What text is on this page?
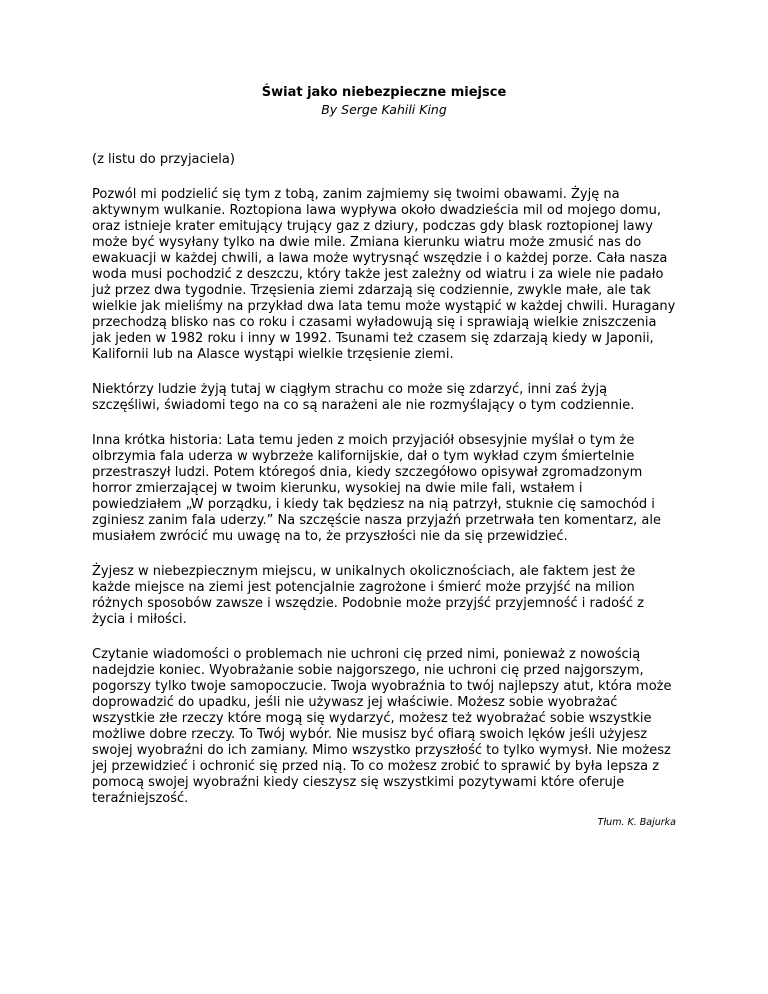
Świat jako niebezpieczne miejsce

By Serge Kahili King

(z listu do przyjaciela)

Pozwól mi podzielić się tym z tobą, zanim zajmiemy się twoimi obawami. Żyję na aktywnym wulkanie. Roztopiona lawa wypływa około dwadzieścia mil od mojego domu, oraz istnieje krater emitujący trujący gaz z dziury, podczas gdy blask roztopionej lawy może być wysyłany tylko na dwie mile. Zmiana kierunku wiatru może zmusić nas do ewakuacji w każdej chwili, a lawa może wytrysnąć wszędzie i o każdej porze. Cała nasza woda musi pochodzić z deszczu, który także jest zależny od wiatru i za wiele nie padało już przez dwa tygodnie. Trzęsienia ziemi zdarzają się codziennie, zwykle małe, ale tak wielkie jak mieliśmy na przykład dwa lata temu może wystąpić w każdej chwili. Huragany przechodzą blisko nas co roku i czasami wyładowują się i sprawiają wielkie zniszczenia jak jeden w 1982 roku i inny w 1992. Tsunami też czasem się zdarzają kiedy w Japonii, Kalifornii lub na Alasce wystąpi wielkie trzęsienie ziemi.

Niektórzy ludzie żyją tutaj w ciągłym strachu co może się zdarzyć, inni zaś żyją szczęśliwi, świadomi tego na co są narażeni ale nie rozmyślający o tym codziennie.

Inna krótka historia: Lata temu jeden z moich przyjaciół obsesyjnie myślał o tym że olbrzymia fala uderza w wybrzeże kalifornijskie, dał o tym wykład czym śmiertelnie przestraszył ludzi. Potem któregoś dnia, kiedy szczegółowo opisywał zgromadzonym horror zmierzającej w twoim kierunku, wysokiej na dwie mile fali, wstałem i powiedziałem „W porządku, i kiedy tak będziesz na nią patrzył, stuknie cię samochód i zginiesz zanim fala uderzy.” Na szczęście nasza przyjaźń przetrwała ten komentarz, ale musiałem zwrócić mu uwagę na to, że przyszłości nie da się przewidzieć.

Żyjesz w niebezpiecznym miejscu, w unikalnych okolicznościach, ale faktem jest że każde miejsce na ziemi jest potencjalnie zagrożone i śmierć może przyjść na milion różnych sposobów zawsze i wszędzie. Podobnie może przyjść przyjemność i radość z życia i miłości.

Czytanie wiadomości o problemach nie uchroni cię przed nimi, ponieważ z nowością nadejdzie koniec. Wyobrażanie sobie najgorszego, nie uchroni cię przed najgorszym, pogorszy tylko twoje samopoczucie. Twoja wyobraźnia to twój najlepszy atut, która może doprowadzić do upadku, jeśli nie używasz jej właściwie. Możesz sobie wyobrażać wszystkie złe rzeczy które mogą się wydarzyć, możesz też wyobrażać sobie wszystkie możliwe dobre rzeczy. To Twój wybór. Nie musisz być ofiarą swoich lęków jeśli użyjesz swojej wyobraźni do ich zamiany. Mimo wszystko przyszłość to tylko wymysł. Nie możesz jej przewidzieć i ochronić się przed nią. To co możesz zrobić to sprawić by była lepsza z pomocą swojej wyobraźni kiedy cieszysz się wszystkimi pozytywami które oferuje teraźniejszość.

Tłum. K. Bajurka
